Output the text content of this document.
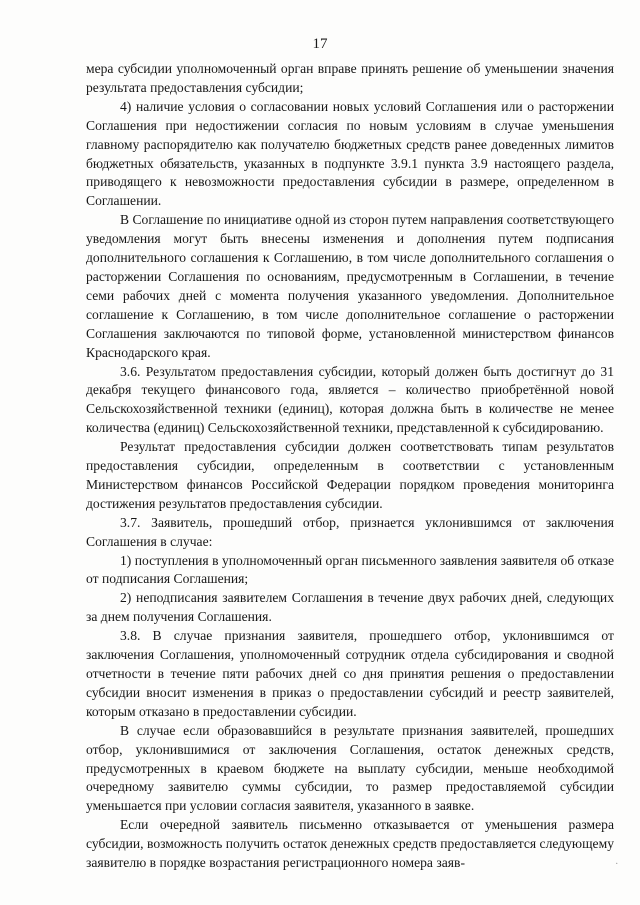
17

мера субсидии уполномоченный орган вправе принять решение об уменьшении значения результата предоставления субсидии;

4) наличие условия о согласовании новых условий Соглашения или о расторжении Соглашения при недостижении согласия по новым условиям в случае уменьшения главному распорядителю как получателю бюджетных средств ранее доведенных лимитов бюджетных обязательств, указанных в подпункте 3.9.1 пункта 3.9 настоящего раздела, приводящего к невозможности предоставления субсидии в размере, определенном в Соглашении.

В Соглашение по инициативе одной из сторон путем направления соответствующего уведомления могут быть внесены изменения и дополнения путем подписания дополнительного соглашения к Соглашению, в том числе дополнительного соглашения о расторжении Соглашения по основаниям, предусмотренным в Соглашении, в течение семи рабочих дней с момента получения указанного уведомления. Дополнительное соглашение к Соглашению, в том числе дополнительное соглашение о расторжении Соглашения заключаются по типовой форме, установленной министерством финансов Краснодарского края.

3.6. Результатом предоставления субсидии, который должен быть достигнут до 31 декабря текущего финансового года, является – количество приобретённой новой Сельскохозяйственной техники (единиц), которая должна быть в количестве не менее количества (единиц) Сельскохозяйственной техники, представленной к субсидированию.

Результат предоставления субсидии должен соответствовать типам результатов предоставления субсидии, определенным в соответствии с установленным Министерством финансов Российской Федерации порядком проведения мониторинга достижения результатов предоставления субсидии.

3.7. Заявитель, прошедший отбор, признается уклонившимся от заключения Соглашения в случае:

1) поступления в уполномоченный орган письменного заявления заявителя об отказе от подписания Соглашения;

2) неподписания заявителем Соглашения в течение двух рабочих дней, следующих за днем получения Соглашения.

3.8. В случае признания заявителя, прошедшего отбор, уклонившимся от заключения Соглашения, уполномоченный сотрудник отдела субсидирования и сводной отчетности в течение пяти рабочих дней со дня принятия решения о предоставлении субсидии вносит изменения в приказ о предоставлении субсидий и реестр заявителей, которым отказано в предоставлении субсидии.

В случае если образовавшийся в результате признания заявителей, прошедших отбор, уклонившимися от заключения Соглашения, остаток денежных средств, предусмотренных в краевом бюджете на выплату субсидии, меньше необходимой очередному заявителю суммы субсидии, то размер предоставляемой субсидии уменьшается при условии согласия заявителя, указанного в заявке.

Если очередной заявитель письменно отказывается от уменьшения размера субсидии, возможность получить остаток денежных средств предоставляется следующему заявителю в порядке возрастания регистрационного номера заяв-	.
